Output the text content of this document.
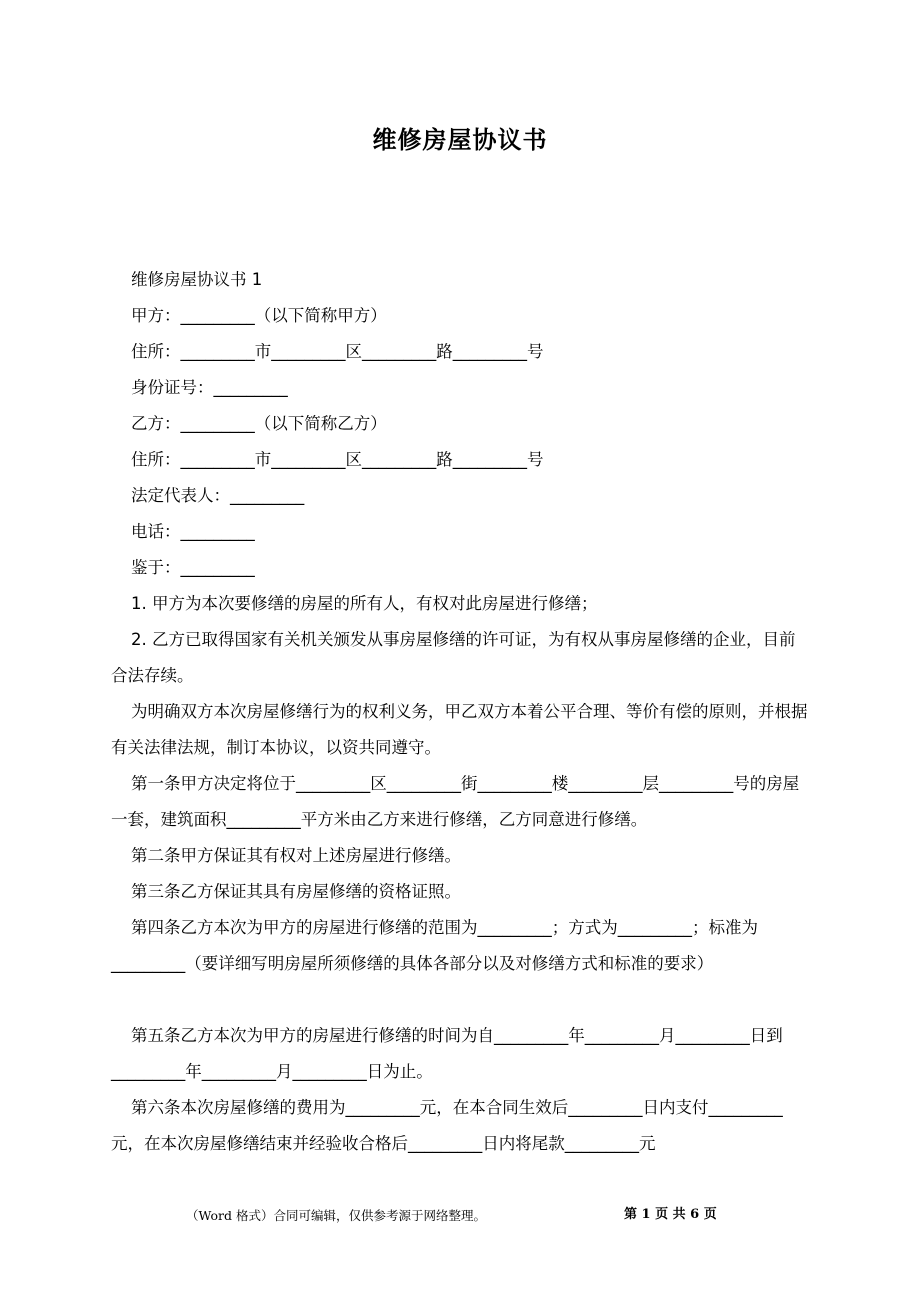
维修房屋协议书

维修房屋协议书 1

甲方：_________（以下简称甲方）

住所：_________市_________区_________路_________号

身份证号：_________

乙方：_________（以下简称乙方）

住所：_________市_________区_________路_________号

法定代表人：_________

电话：_________

鉴于：_________

1. 甲方为本次要修缮的房屋的所有人，有权对此房屋进行修缮；

2. 乙方已取得国家有关机关颁发从事房屋修缮的许可证，为有权从事房屋修缮的企业，目前合法存续。

为明确双方本次房屋修缮行为的权利义务，甲乙双方本着公平合理、等价有偿的原则，并根据有关法律法规，制订本协议，以资共同遵守。

第一条甲方决定将位于_________区_________街_________楼_________层_________号的房屋一套，建筑面积_________平方米由乙方来进行修缮，乙方同意进行修缮。

第二条甲方保证其有权对上述房屋进行修缮。

第三条乙方保证其具有房屋修缮的资格证照。

第四条乙方本次为甲方的房屋进行修缮的范围为_________；方式为_________；标准为_________（要详细写明房屋所须修缮的具体各部分以及对修缮方式和标准的要求）

第五条乙方本次为甲方的房屋进行修缮的时间为自_________年_________月_________日到_________年_________月_________日为止。

第六条本次房屋修缮的费用为_________元，在本合同生效后_________日内支付_________元，在本次房屋修缮结束并经验收合格后_________日内将尾款_________元

（Word 格式）合同可编辑，仅供参考源于网络整理。	第 1 页 共 6 页
